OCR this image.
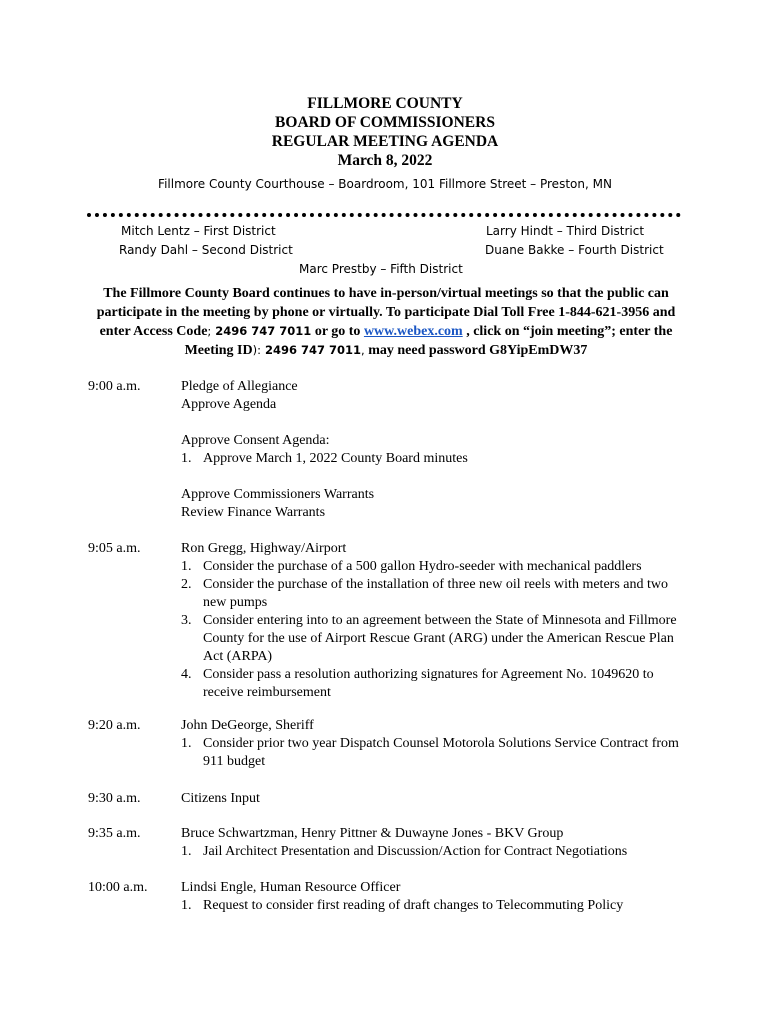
FILLMORE COUNTY
BOARD OF COMMISSIONERS
REGULAR MEETING AGENDA
March 8, 2022
Fillmore County Courthouse – Boardroom, 101 Fillmore Street – Preston, MN
Mitch Lentz – First District
Randy Dahl – Second District
Larry Hindt – Third District
Duane Bakke – Fourth District
Marc Prestby – Fifth District
The Fillmore County Board continues to have in-person/virtual meetings so that the public can participate in the meeting by phone or virtually. To participate Dial Toll Free 1-844-621-3956 and enter Access Code; 2496 747 7011 or go to www.webex.com , click on “join meeting”; enter the Meeting ID): 2496 747 7011, may need password G8YipEmDW37
9:00 a.m.	Pledge of Allegiance
Approve Agenda
Approve Consent Agenda:
1. Approve March 1, 2022 County Board minutes
Approve Commissioners Warrants
Review Finance Warrants
9:05 a.m.	Ron Gregg, Highway/Airport
1. Consider the purchase of a 500 gallon Hydro-seeder with mechanical paddlers
2. Consider the purchase of the installation of three new oil reels with meters and two new pumps
3. Consider entering into to an agreement between the State of Minnesota and Fillmore County for the use of Airport Rescue Grant (ARG) under the American Rescue Plan Act (ARPA)
4. Consider pass a resolution authorizing signatures for Agreement No. 1049620 to receive reimbursement
9:20 a.m.	John DeGeorge, Sheriff
1. Consider prior two year Dispatch Counsel Motorola Solutions Service Contract from 911 budget
9:30 a.m.	Citizens Input
9:35 a.m.	Bruce Schwartzman, Henry Pittner & Duwayne Jones - BKV Group
1. Jail Architect Presentation and Discussion/Action for Contract Negotiations
10:00 a.m. Lindsi Engle, Human Resource Officer
1. Request to consider first reading of draft changes to Telecommuting Policy
